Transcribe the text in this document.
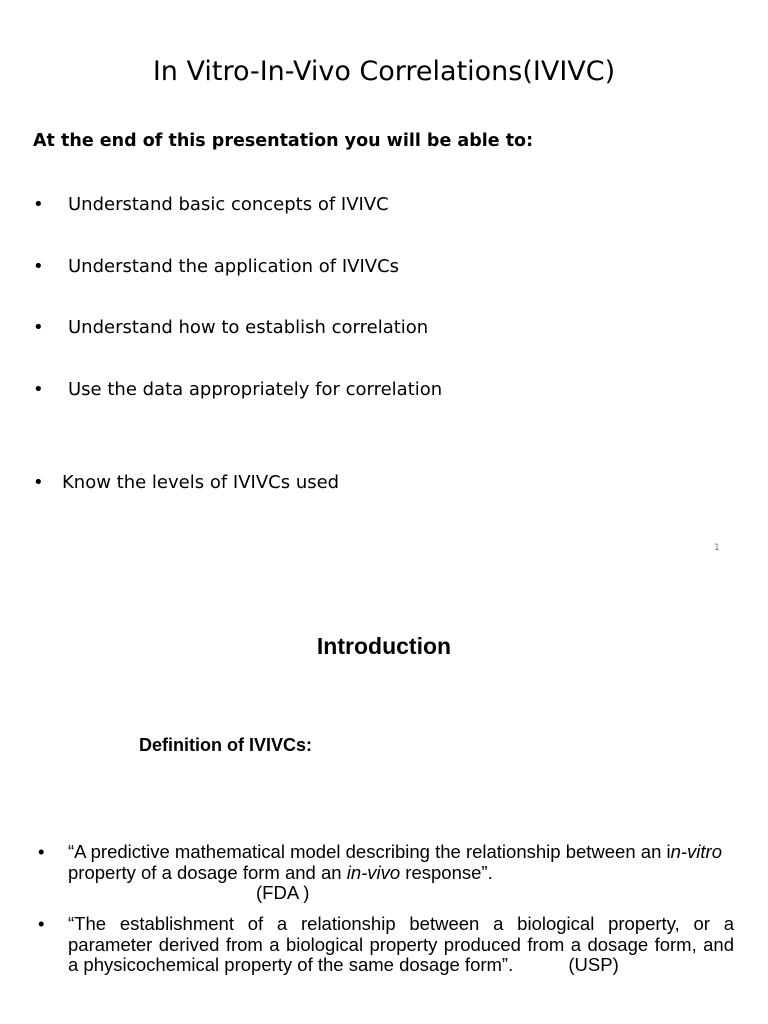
In Vitro-In-Vivo Correlations(IVIVC)
At the end of this presentation you will be able to:
• Understand basic concepts of IVIVC
• Understand the application of IVIVCs
• Understand how to establish correlation
• Use the data appropriately for correlation
• Know the levels of IVIVCs used
1
Introduction
Definition of IVIVCs:
• “A predictive mathematical model describing the relationship between an in-vitro property of a dosage form and an in-vivo response”.
(FDA )
• “The establishment of a relationship between a biological property, or a parameter derived from a biological property produced from a dosage form, and a physicochemical property of the same dosage form”.	(USP)
